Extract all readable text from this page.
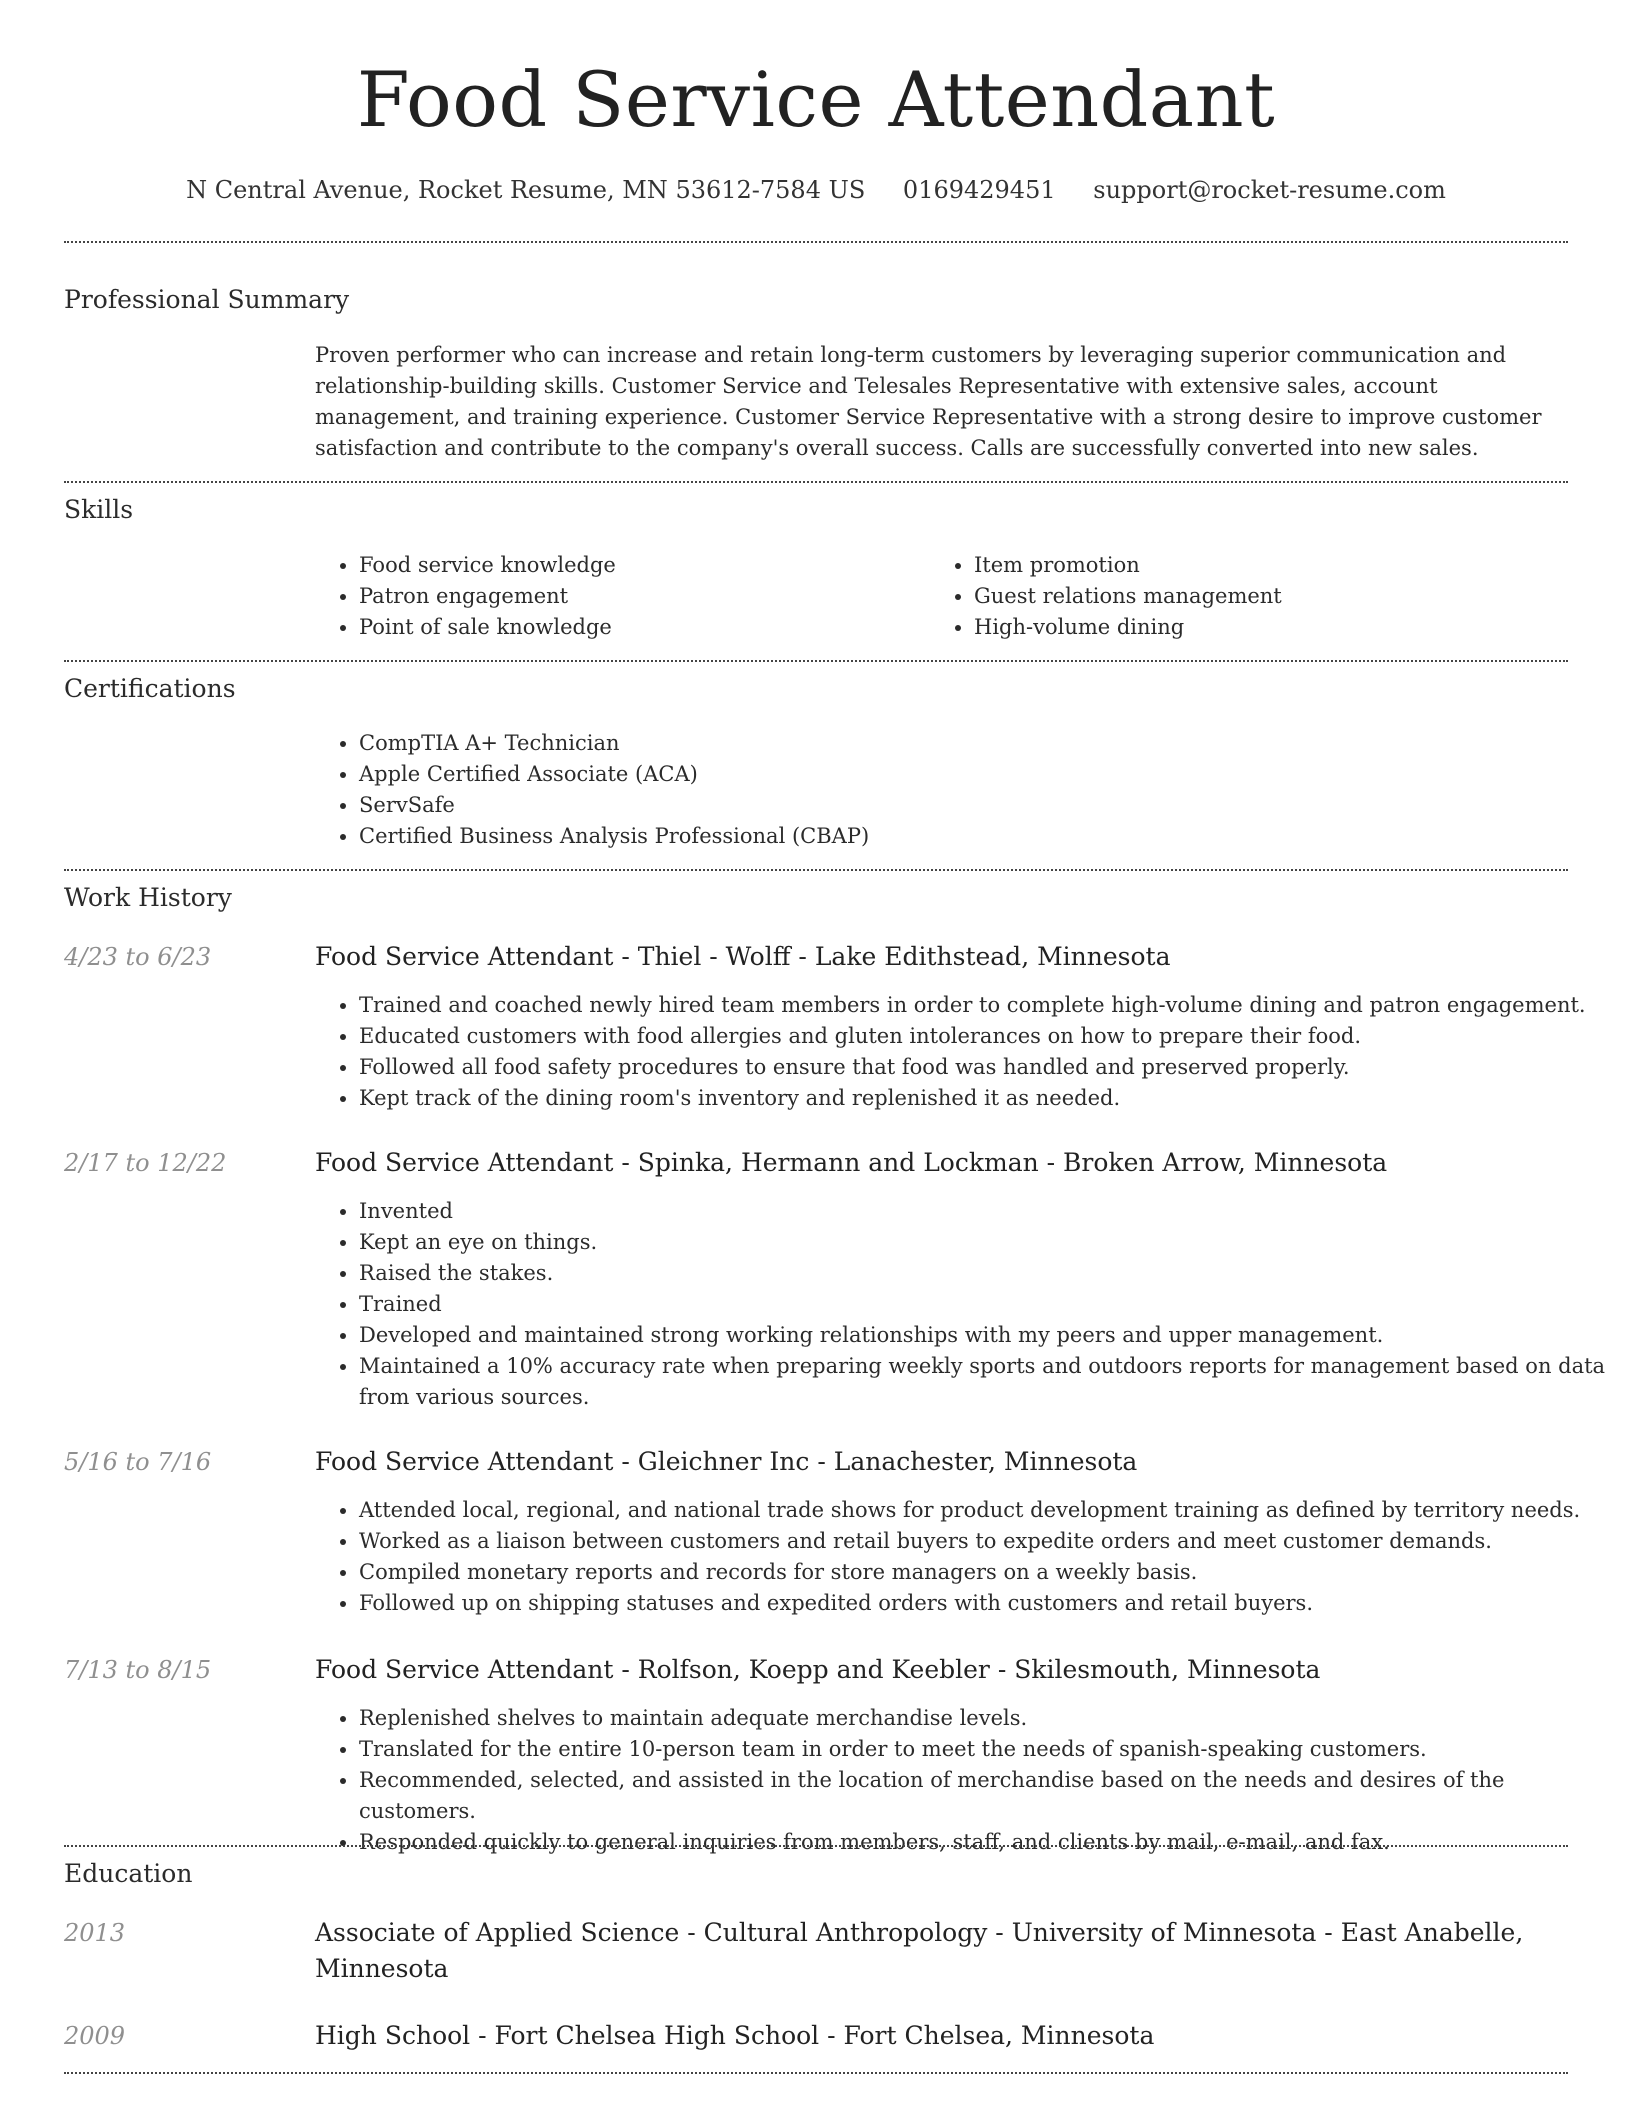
Food Service Attendant
N Central Avenue, Rocket Resume, MN 53612-7584 US 0169429451 support@rocket-resume.com
Professional Summary
Proven performer who can increase and retain long-term customers by leveraging superior communication and relationship-building skills. Customer Service and Telesales Representative with extensive sales, account management, and training experience. Customer Service Representative with a strong desire to improve customer satisfaction and contribute to the company's overall success. Calls are successfully converted into new sales.
Skills
• Food service knowledge
• Patron engagement
• Point of sale knowledge
• Item promotion
• Guest relations management
• High-volume dining
Certifications
• CompTIA A+ Technician
• Apple Certified Associate (ACA)
• ServSafe
• Certified Business Analysis Professional (CBAP)
Work History
4/23 to 6/23	Food Service Attendant - Thiel - Wolff - Lake Edithstead, Minnesota
• Trained and coached newly hired team members in order to complete high-volume dining and patron engagement.
• Educated customers with food allergies and gluten intolerances on how to prepare their food.
• Followed all food safety procedures to ensure that food was handled and preserved properly.
• Kept track of the dining room's inventory and replenished it as needed.
2/17 to 12/22	Food Service Attendant - Spinka, Hermann and Lockman - Broken Arrow, Minnesota
• Invented
• Kept an eye on things.
• Raised the stakes.
• Trained
• Developed and maintained strong working relationships with my peers and upper management.
• Maintained a 10% accuracy rate when preparing weekly sports and outdoors reports for management based on data from various sources.
5/16 to 7/16	Food Service Attendant - Gleichner Inc - Lanachester, Minnesota
• Attended local, regional, and national trade shows for product development training as defined by territory needs.
• Worked as a liaison between customers and retail buyers to expedite orders and meet customer demands.
• Compiled monetary reports and records for store managers on a weekly basis.
• Followed up on shipping statuses and expedited orders with customers and retail buyers.
7/13 to 8/15	Food Service Attendant - Rolfson, Koepp and Keebler - Skilesmouth, Minnesota
• Replenished shelves to maintain adequate merchandise levels.
• Translated for the entire 10-person team in order to meet the needs of spanish-speaking customers.
• Recommended, selected, and assisted in the location of merchandise based on the needs and desires of the customers.
• Responded quickly to general inquiries from members, staff, and clients by mail, e-mail, and fax.
Education
2013	Associate of Applied Science - Cultural Anthropology - University of Minnesota - East Anabelle, Minnesota
2009	High School - Fort Chelsea High School - Fort Chelsea, Minnesota
